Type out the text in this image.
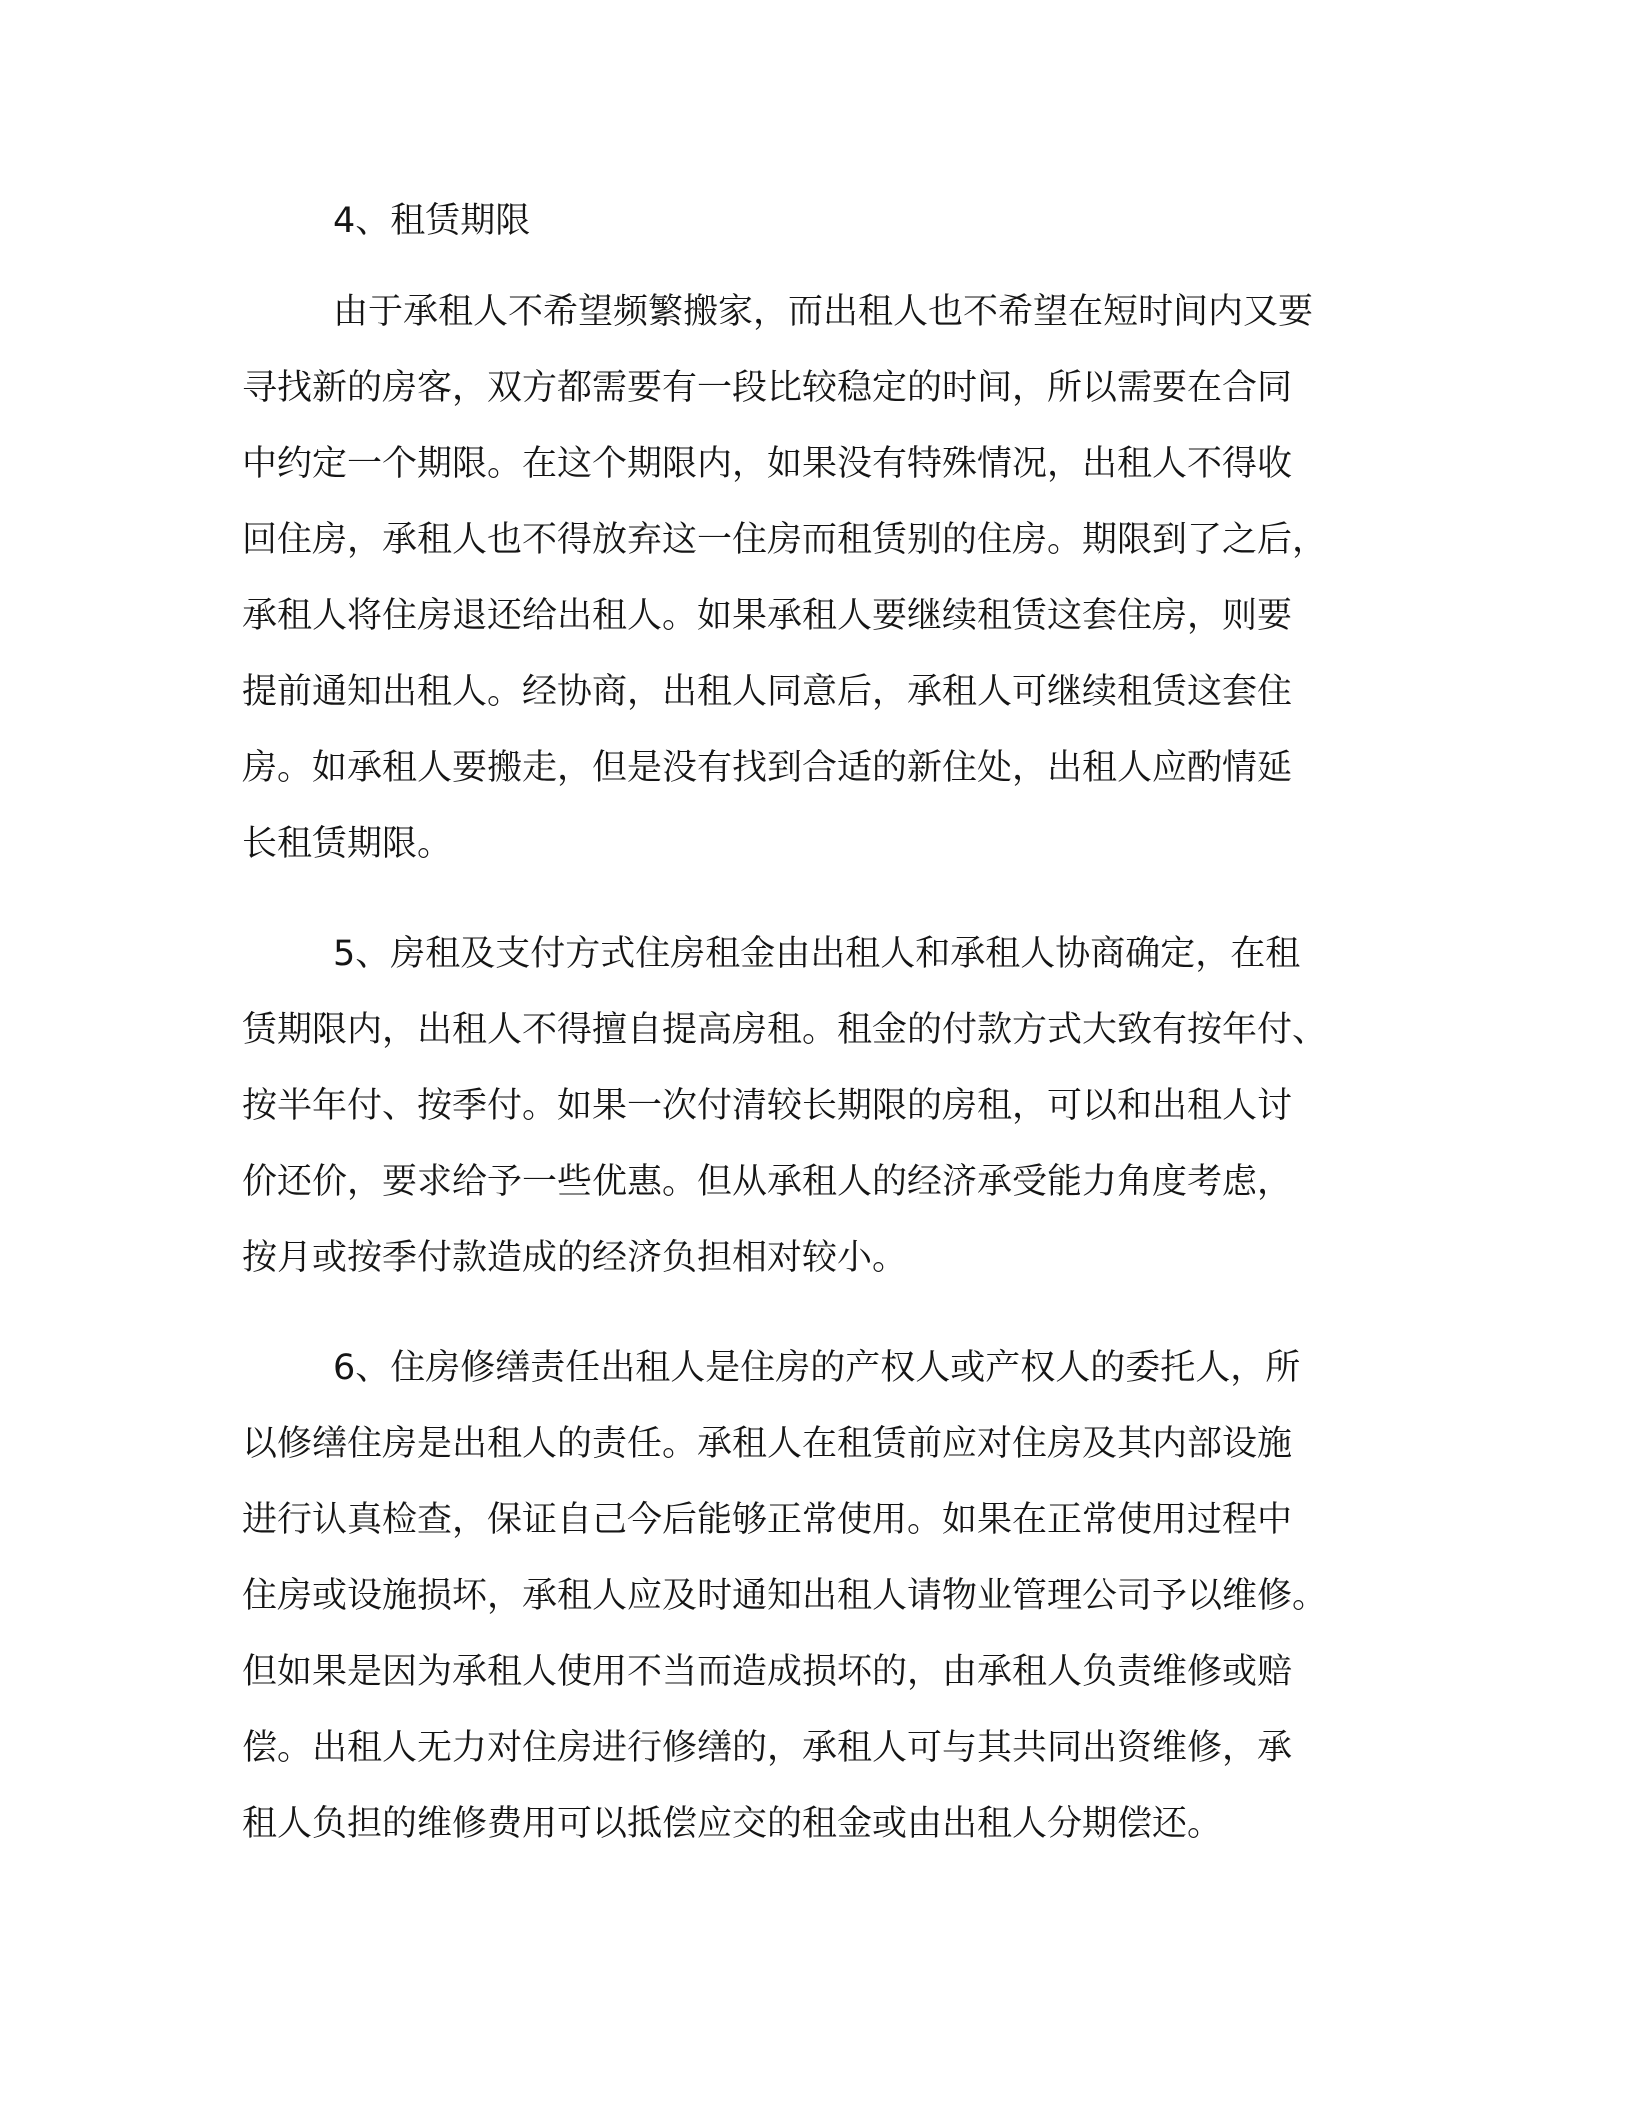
4、租赁期限
由于承租人不希望频繁搬家，而出租人也不希望在短时间内又要
寻找新的房客，双方都需要有一段比较稳定的时间，所以需要在合同
中约定一个期限。在这个期限内，如果没有特殊情况，出租人不得收
回住房，承租人也不得放弃这一住房而租赁别的住房。期限到了之后，
承租人将住房退还给出租人。如果承租人要继续租赁这套住房，则要
提前通知出租人。经协商，出租人同意后，承租人可继续租赁这套住
房。如承租人要搬走，但是没有找到合适的新住处，出租人应酌情延
长租赁期限。
5、房租及支付方式住房租金由出租人和承租人协商确定，在租
赁期限内，出租人不得擅自提高房租。租金的付款方式大致有按年付、
按半年付、按季付。如果一次付清较长期限的房租，可以和出租人讨
价还价，要求给予一些优惠。但从承租人的经济承受能力角度考虑，
按月或按季付款造成的经济负担相对较小。
6、住房修缮责任出租人是住房的产权人或产权人的委托人，所
以修缮住房是出租人的责任。承租人在租赁前应对住房及其内部设施
进行认真检查，保证自己今后能够正常使用。如果在正常使用过程中
住房或设施损坏，承租人应及时通知出租人请物业管理公司予以维修。
但如果是因为承租人使用不当而造成损坏的，由承租人负责维修或赔
偿。出租人无力对住房进行修缮的，承租人可与其共同出资维修，承
租人负担的维修费用可以抵偿应交的租金或由出租人分期偿还。
